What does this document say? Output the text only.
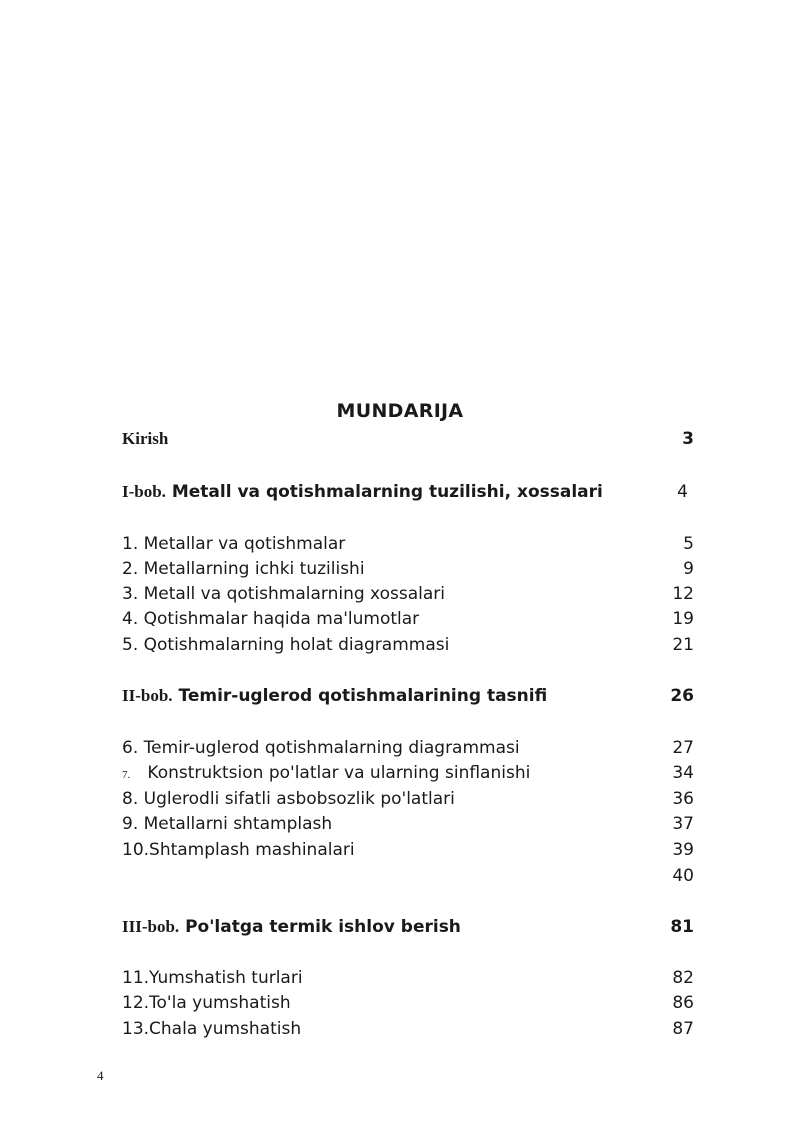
MUNDARIJA
Kirish	3
I-bob. Metall va qotishmalarning tuzilishi, xossalari	4
1. Metallar va qotishmalar	5
2. Metallarning ichki tuzilishi	9
3. Metall va qotishmalarning xossalari	12
4. Qotishmalar haqida ma'lumotlar	19
5. Qotishmalarning holat diagrammasi	21
II-bob. Temir-uglerod qotishmalarining tasnifi	26
6. Temir-uglerod qotishmalarning diagrammasi	27
7. Konstruktsion po'latlar va ularning sinflanishi	34
8. Uglerodli sifatli asbobsozlik po'latlari	36
9. Metallarni shtamplash	37
10.Shtamplash mashinalari	39
40
III-bob. Po'latga termik ishlov berish	81
11.Yumshatish turlari	82
12.To'la yumshatish	86
13.Chala yumshatish	87
4
